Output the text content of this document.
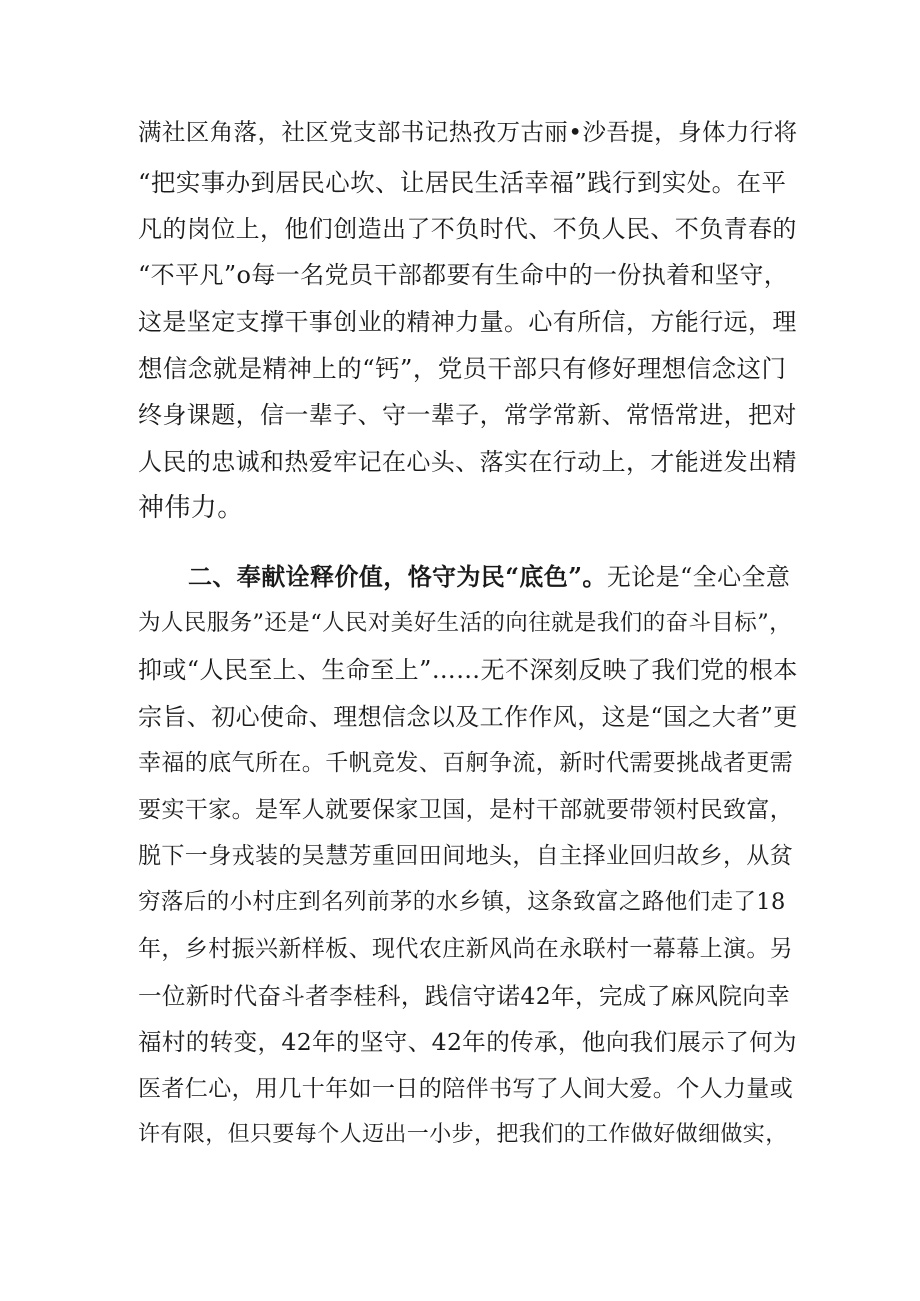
满社区角落，社区党支部书记热孜万古丽•沙吾提，身体力行将
“把实事办到居民心坎、让居民生活幸福”践行到实处。在平
凡的岗位上，他们创造出了不负时代、不负人民、不负青春的
“不平凡”o每一名党员干部都要有生命中的一份执着和坚守，
这是坚定支撑干事创业的精神力量。心有所信，方能行远，理
想信念就是精神上的“钙”，党员干部只有修好理想信念这门
终身课题，信一辈子、守一辈子，常学常新、常悟常进，把对
人民的忠诚和热爱牢记在心头、落实在行动上，才能迸发出精
神伟力。
二、奉献诠释价值，恪守为民“底色”。无论是“全心全意
为人民服务”还是“人民对美好生活的向往就是我们的奋斗目标”，
抑或“人民至上、生命至上”……无不深刻反映了我们党的根本
宗旨、初心使命、理想信念以及工作作风，这是“国之大者”更
幸福的底气所在。千帆竞发、百舸争流，新时代需要挑战者更需
要实干家。是军人就要保家卫国，是村干部就要带领村民致富，
脱下一身戎装的吴慧芳重回田间地头，自主择业回归故乡，从贫
穷落后的小村庄到名列前茅的水乡镇，这条致富之路他们走了18
年，乡村振兴新样板、现代农庄新风尚在永联村一幕幕上演。另
一位新时代奋斗者李桂科，践信守诺42年，完成了麻风院向幸
福村的转变，42年的坚守、42年的传承，他向我们展示了何为
医者仁心，用几十年如一日的陪伴书写了人间大爱。个人力量或
许有限，但只要每个人迈出一小步，把我们的工作做好做细做实，
